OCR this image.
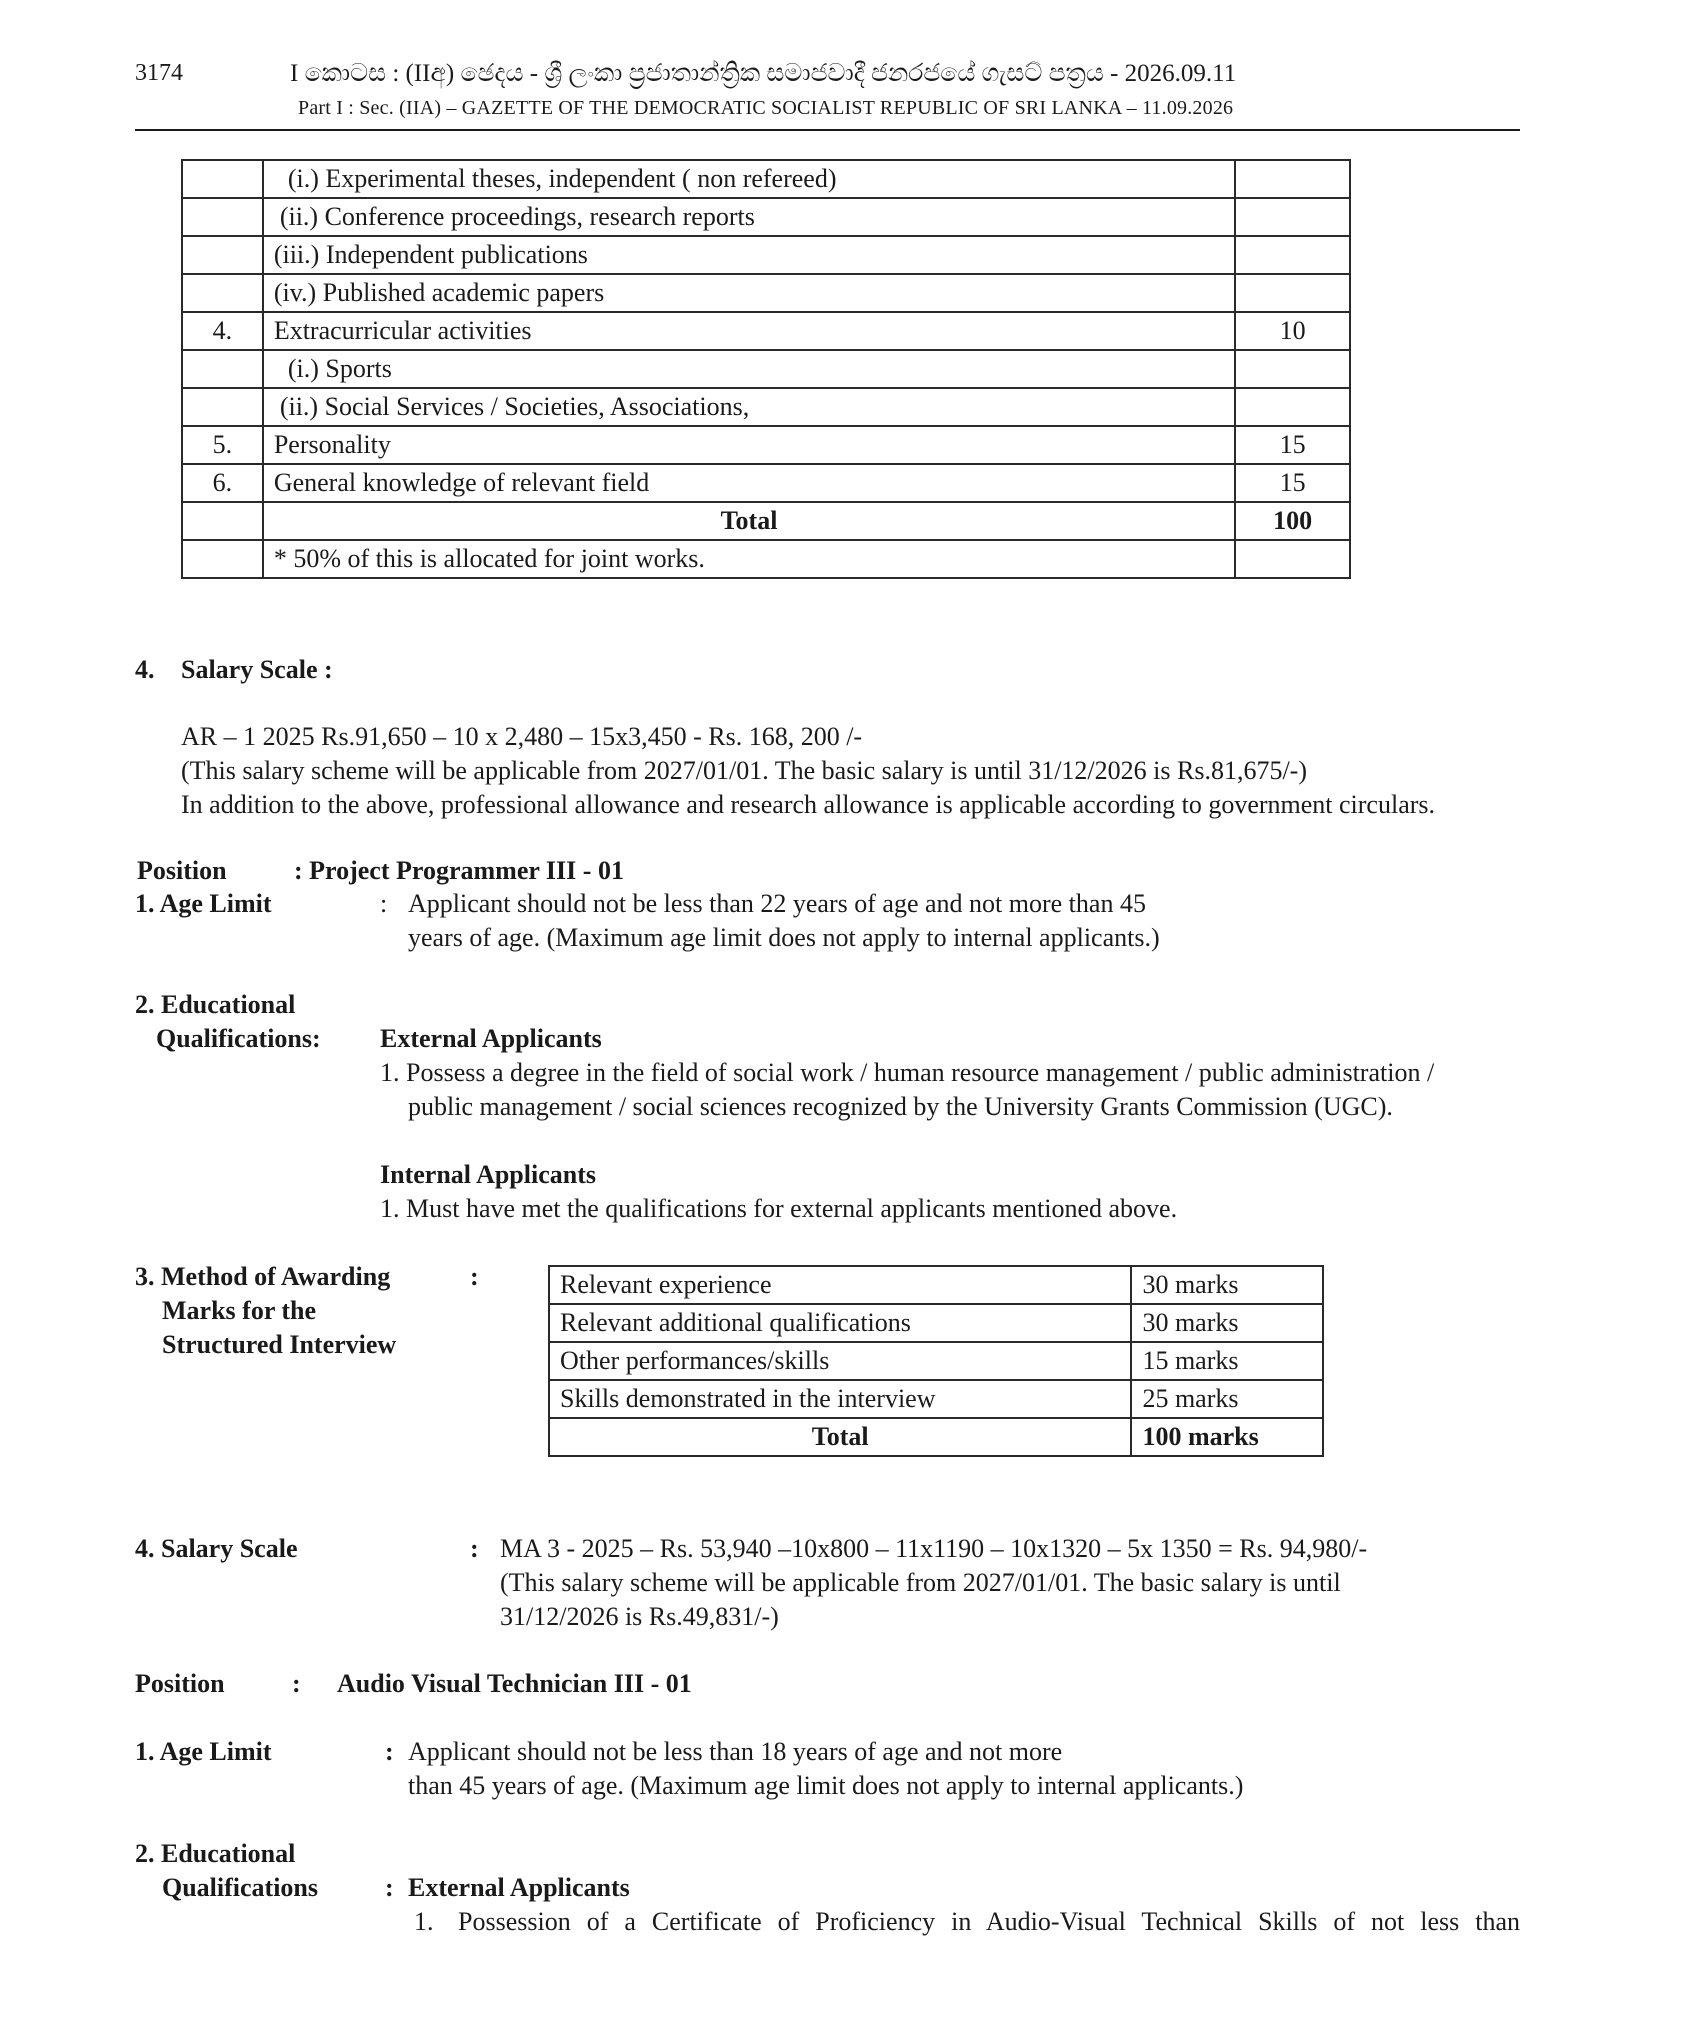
3174	I කොටස : (IIඅ) ඡෙදය - ශ්‍රී ලංකා ප්‍රජාතාන්ත්‍රික සමාජවාදී ජනරජයේ ගැසට් පත්‍රය - 2026.09.11
Part I : Sec. (IIA) – GAZETTE OF THE DEMOCRATIC SOCIALIST REPUBLIC OF SRI LANKA – 11.09.2026
	(i.) Experimental theses, independent ( non refereed)	
	(ii.) Conference proceedings, research reports	
	(iii.) Independent publications	
	(iv.) Published academic papers	
4.	Extracurricular activities	10
	(i.) Sports	
	(ii.) Social Services / Societies, Associations,	
5.	Personality	15
6.	General knowledge of relevant field	15
	Total	100
	* 50% of this is allocated for joint works.	
4. Salary Scale :
AR – 1 2025 Rs.91,650 – 10 x 2,480 – 15x3,450 - Rs. 168, 200 /-
(This salary scheme will be applicable from 2027/01/01. The basic salary is until 31/12/2026 is Rs.81,675/-)
In addition to the above, professional allowance and research allowance is applicable according to government circulars.
Position	: Project Programmer III - 01
1. Age Limit	: Applicant should not be less than 22 years of age and not more than 45
years of age. (Maximum age limit does not apply to internal applicants.)
2. Educational
Qualifications: External Applicants
1. Possess a degree in the field of social work / human resource management / public administration /
public management / social sciences recognized by the University Grants Commission (UGC).
Internal Applicants
1. Must have met the qualifications for external applicants mentioned above.
3. Method of Awarding
Marks for the
Structured Interview
:	Relevant experience	30 marks
Relevant additional qualifications	30 marks
Other performances/skills	15 marks
Skills demonstrated in the interview	25 marks
Total	100 marks
4. Salary Scale	: MA 3 - 2025 – Rs. 53,940 –10x800 – 11x1190 – 10x1320 – 5x 1350 = Rs. 94,980/-
(This salary scheme will be applicable from 2027/01/01. The basic salary is until
31/12/2026 is Rs.49,831/-)
Position	: Audio Visual Technician III - 01
1. Age Limit	: Applicant should not be less than 18 years of age and not more
than 45 years of age. (Maximum age limit does not apply to internal applicants.)
2. Educational
Qualifications	: External Applicants
1. Possession of a Certificate of Proficiency in Audio-Visual Technical Skills of not less than
